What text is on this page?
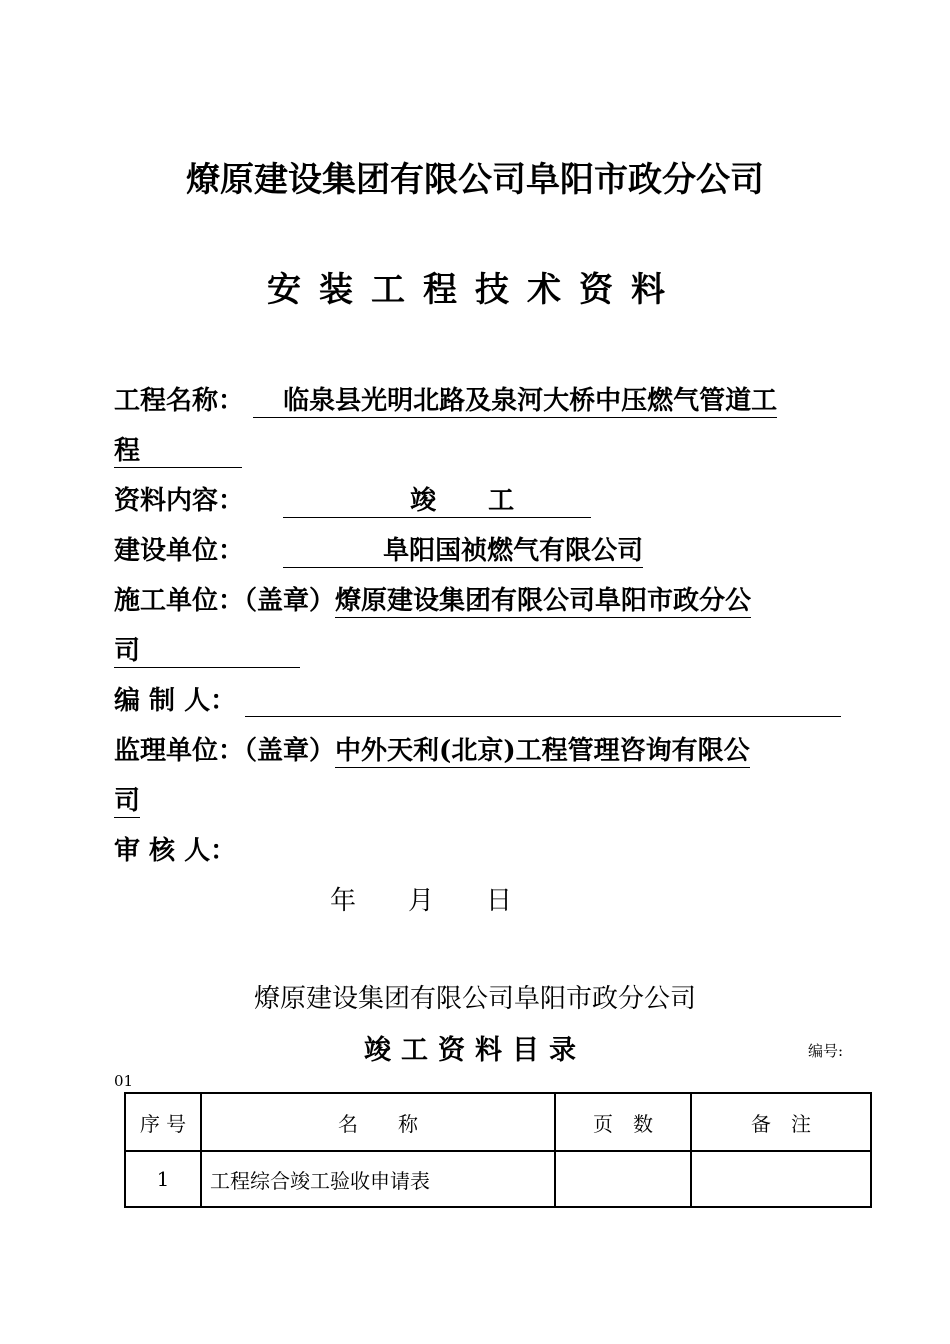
燎原建设集团有限公司阜阳市政分公司
安装工程技术资料
工程名称： 临泉县光明北路及泉河大桥中压燃气管道工
程
资料内容：	竣　　工
建设单位：	阜阳国祯燃气有限公司
施工单位：（盖章）燎原建设集团有限公司阜阳市政分公
司
编 制 人：
监理单位：（盖章）中外天利(北京)工程管理咨询有限公
司
审 核 人：
年　　月　　日
燎原建设集团有限公司阜阳市政分公司
竣工资料目录	编号:
01
序 号	名　　称	页　数	备　注
1	工程综合竣工验收申请表		
